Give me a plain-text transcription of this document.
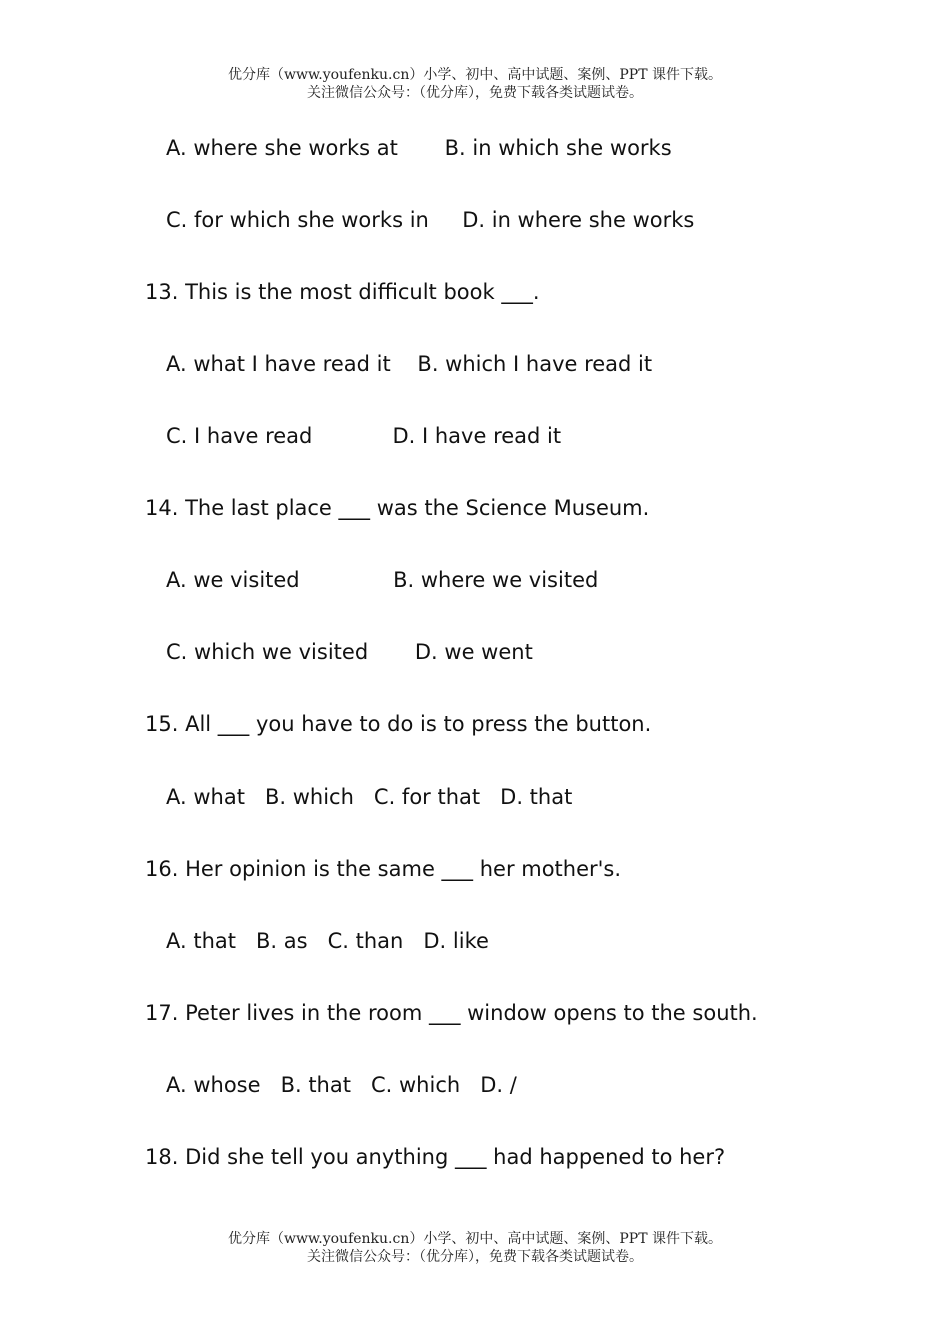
优分库（www.youfenku.cn）小学、初中、高中试题、案例、PPT 课件下载。
关注微信公众号：（优分库），免费下载各类试题试卷。
A. where she works at       B. in which she works
C. for which she works in     D. in where she works
13. This is the most difficult book ___.
A. what I have read it    B. which I have read it
C. I have read            D. I have read it
14. The last place ___ was the Science Museum.
A. we visited              B. where we visited
C. which we visited       D. we went
15. All ___ you have to do is to press the button.
A. what   B. which   C. for that   D. that
16. Her opinion is the same ___ her mother's.
A. that   B. as   C. than   D. like
17. Peter lives in the room ___ window opens to the south.
A. whose   B. that   C. which   D. /
18. Did she tell you anything ___ had happened to her?
优分库（www.youfenku.cn）小学、初中、高中试题、案例、PPT 课件下载。
关注微信公众号：（优分库），免费下载各类试题试卷。
